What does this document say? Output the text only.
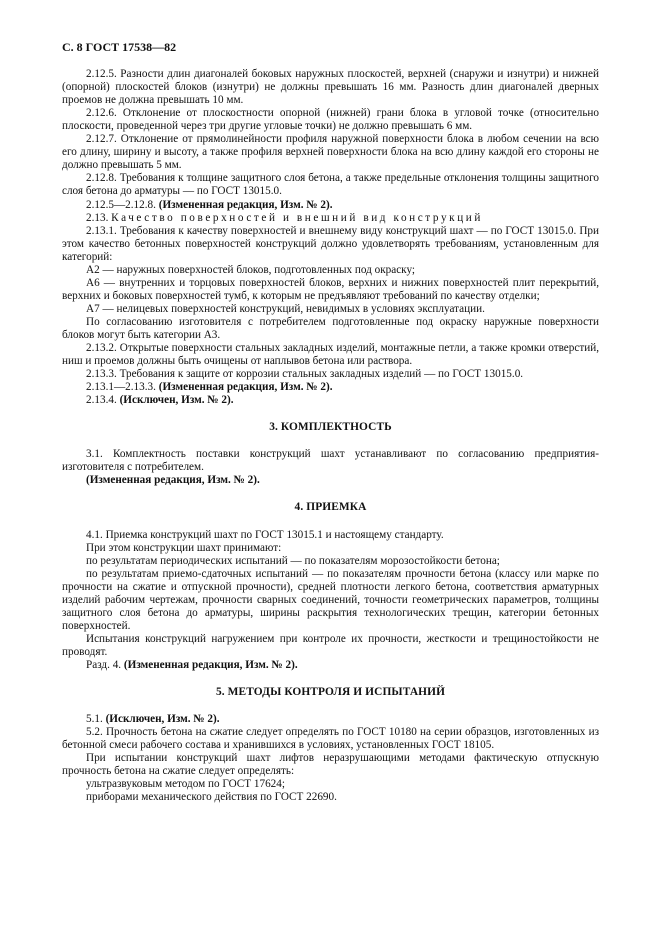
С. 8 ГОСТ 17538—82
2.12.5. Разности длин диагоналей боковых наружных плоскостей, верхней (снаружи и изнутри) и нижней (опорной) плоскостей блоков (изнутри) не должны превышать 16 мм. Разность длин диагоналей дверных проемов не должна превышать 10 мм.
2.12.6. Отклонение от плоскостности опорной (нижней) грани блока в угловой точке (относительно плоскости, проведенной через три другие угловые точки) не должно превышать 6 мм.
2.12.7. Отклонение от прямолинейности профиля наружной поверхности блока в любом сечении на всю его длину, ширину и высоту, а также профиля верхней поверхности блока на всю длину каждой его стороны не должно превышать 5 мм.
2.12.8. Требования к толщине защитного слоя бетона, а также предельные отклонения толщины защитного слоя бетона до арматуры — по ГОСТ 13015.0.
2.12.5—2.12.8. (Измененная редакция, Изм. № 2).
2.13. Качество поверхностей и внешний вид конструкций
2.13.1. Требования к качеству поверхностей и внешнему виду конструкций шахт — по ГОСТ 13015.0. При этом качество бетонных поверхностей конструкций должно удовлетворять требованиям, установленным для категорий:
А2 — наружных поверхностей блоков, подготовленных под окраску;
А6 — внутренних и торцовых поверхностей блоков, верхних и нижних поверхностей плит перекрытий, верхних и боковых поверхностей тумб, к которым не предъявляют требований по качеству отделки;
А7 — нелицевых поверхностей конструкций, невидимых в условиях эксплуатации.
По согласованию изготовителя с потребителем подготовленные под окраску наружные поверхности блоков могут быть категории А3.
2.13.2. Открытые поверхности стальных закладных изделий, монтажные петли, а также кромки отверстий, ниш и проемов должны быть очищены от наплывов бетона или раствора.
2.13.3. Требования к защите от коррозии стальных закладных изделий — по ГОСТ 13015.0.
2.13.1—2.13.3. (Измененная редакция, Изм. № 2).
2.13.4. (Исключен, Изм. № 2).
3. КОМПЛЕКТНОСТЬ
3.1. Комплектность поставки конструкций шахт устанавливают по согласованию предприятия-изготовителя с потребителем.
(Измененная редакция, Изм. № 2).
4. ПРИЕМКА
4.1. Приемка конструкций шахт по ГОСТ 13015.1 и настоящему стандарту.
При этом конструкции шахт принимают:
по результатам периодических испытаний — по показателям морозостойкости бетона;
по результатам приемо-сдаточных испытаний — по показателям прочности бетона (классу или марке по прочности на сжатие и отпускной прочности), средней плотности легкого бетона, соответствия арматурных изделий рабочим чертежам, прочности сварных соединений, точности геометрических параметров, толщины защитного слоя бетона до арматуры, ширины раскрытия технологических трещин, категории бетонных поверхностей.
Испытания конструкций нагружением при контроле их прочности, жесткости и трещиностойкости не проводят.
Разд. 4. (Измененная редакция, Изм. № 2).
5. МЕТОДЫ КОНТРОЛЯ И ИСПЫТАНИЙ
5.1. (Исключен, Изм. № 2).
5.2. Прочность бетона на сжатие следует определять по ГОСТ 10180 на серии образцов, изготовленных из бетонной смеси рабочего состава и хранившихся в условиях, установленных ГОСТ 18105.
При испытании конструкций шахт лифтов неразрушающими методами фактическую отпускную прочность бетона на сжатие следует определять:
ультразвуковым методом по ГОСТ 17624;
приборами механического действия по ГОСТ 22690.
